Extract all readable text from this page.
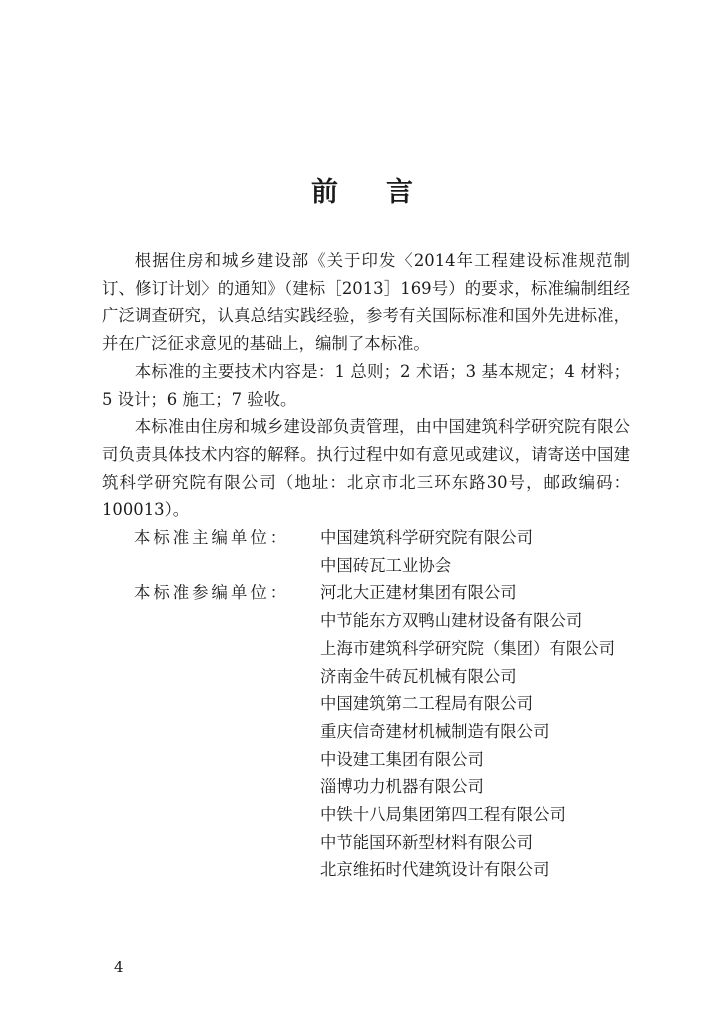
前 言

根据住房和城乡建设部《关于印发〈2014年工程建设标准规范制订、修订计划〉的通知》（建标［2013］169号）的要求，标准编制组经广泛调查研究，认真总结实践经验，参考有关国际标准和国外先进标准，并在广泛征求意见的基础上，编制了本标准。

本标准的主要技术内容是：1 总则；2 术语；3 基本规定；4 材料；5 设计；6 施工；7 验收。

本标准由住房和城乡建设部负责管理，由中国建筑科学研究院有限公司负责具体技术内容的解释。执行过程中如有意见或建议，请寄送中国建筑科学研究院有限公司（地址：北京市北三环东路30号，邮政编码：100013）。

本标准主编单位：	中国建筑科学研究院有限公司
中国砖瓦工业协会
本标准参编单位：	河北大正建材集团有限公司
中节能东方双鸭山建材设备有限公司
上海市建筑科学研究院（集团）有限公司
济南金牛砖瓦机械有限公司
中国建筑第二工程局有限公司
重庆信奇建材机械制造有限公司
中设建工集团有限公司
淄博功力机器有限公司
中铁十八局集团第四工程有限公司
中节能国环新型材料有限公司
北京维拓时代建筑设计有限公司
4
